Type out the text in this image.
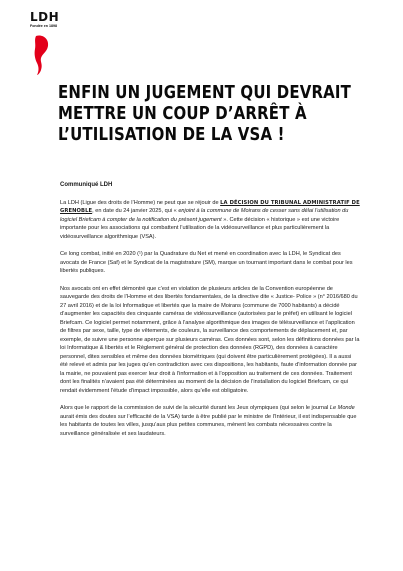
LDH
Fondée en 1898
ENFIN UN JUGEMENT QUI DEVRAIT
METTRE UN COUP D’ARRÊT À
L’UTILISATION DE LA VSA !
Communiqué LDH

La LDH (Ligue des droits de l’Homme) ne peut que se réjouir de LA DÉCISION DU TRIBUNAL ADMINISTRATIF DE GRENOBLE, en date du 24 janvier 2025, qui « enjoint à la commune de Moirans de cesser sans délai l’utilisation du logiciel Briefcam à compter de la notification du présent jugement ». Cette décision « historique » est une victoire importante pour les associations qui combattent l’utilisation de la vidéosurveillance et plus particulièrement la vidéosurveillance algorithmique (VSA).

Ce long combat, initié en 2020 (¹) par la Quadrature du Net et mené en coordination avec la LDH, le Syndicat des avocats de France (Saf) et le Syndicat de la magistrature (SM), marque un tournant important dans le combat pour les libertés publiques.

Nos avocats ont en effet démontré que c’est en violation de plusieurs articles de la Convention européenne de sauvegarde des droits de l’Homme et des libertés fondamentales, de la directive dite « Justice- Police » (n° 2016/680 du 27 avril 2016) et de la loi Informatique et libertés que la maire de Moirans (commune de 7000 habitants) a décidé d’augmenter les capacités des cinquante caméras de vidéosurveillance (autorisées par le préfet) en utilisant le logiciel Briefcam. Ce logiciel permet notamment, grâce à l’analyse algorithmique des images de télésurveillance et l’application de filtres par sexe, taille, type de vêtements, de couleurs, la surveillance des comportements de déplacement et, par exemple, de suivre une personne aperçue sur plusieurs caméras. Ces données sont, selon les définitions données par la loi Informatique & libertés et le Règlement général de protection des données (RGPD), des données à caractère personnel, dites sensibles et même des données biométriques (qui doivent être particulièrement protégées). Il a aussi été relevé et admis par les juges qu’en contradiction avec ces dispositions, les habitants, faute d’information donnée par la mairie, ne pouvaient pas exercer leur droit à l’information et à l’opposition au traitement de ces données. Traitement dont les finalités n’avaient pas été déterminées au moment de la décision de l’installation du logiciel Briefcam, ce qui rendait évidemment l’étude d’impact impossible, alors qu’elle est obligatoire.

Alors que le rapport de la commission de suivi de la sécurité durant les Jeux olympiques (qui selon le journal Le Monde aurait émis des doutes sur l’efficacité de la VSA) tarde à être publié par le ministre de l’Intérieur, il est indispensable que les habitants de toutes les villes, jusqu’aux plus petites communes, mènent les combats nécessaires contre la surveillance généralisée et ses laudateurs.
